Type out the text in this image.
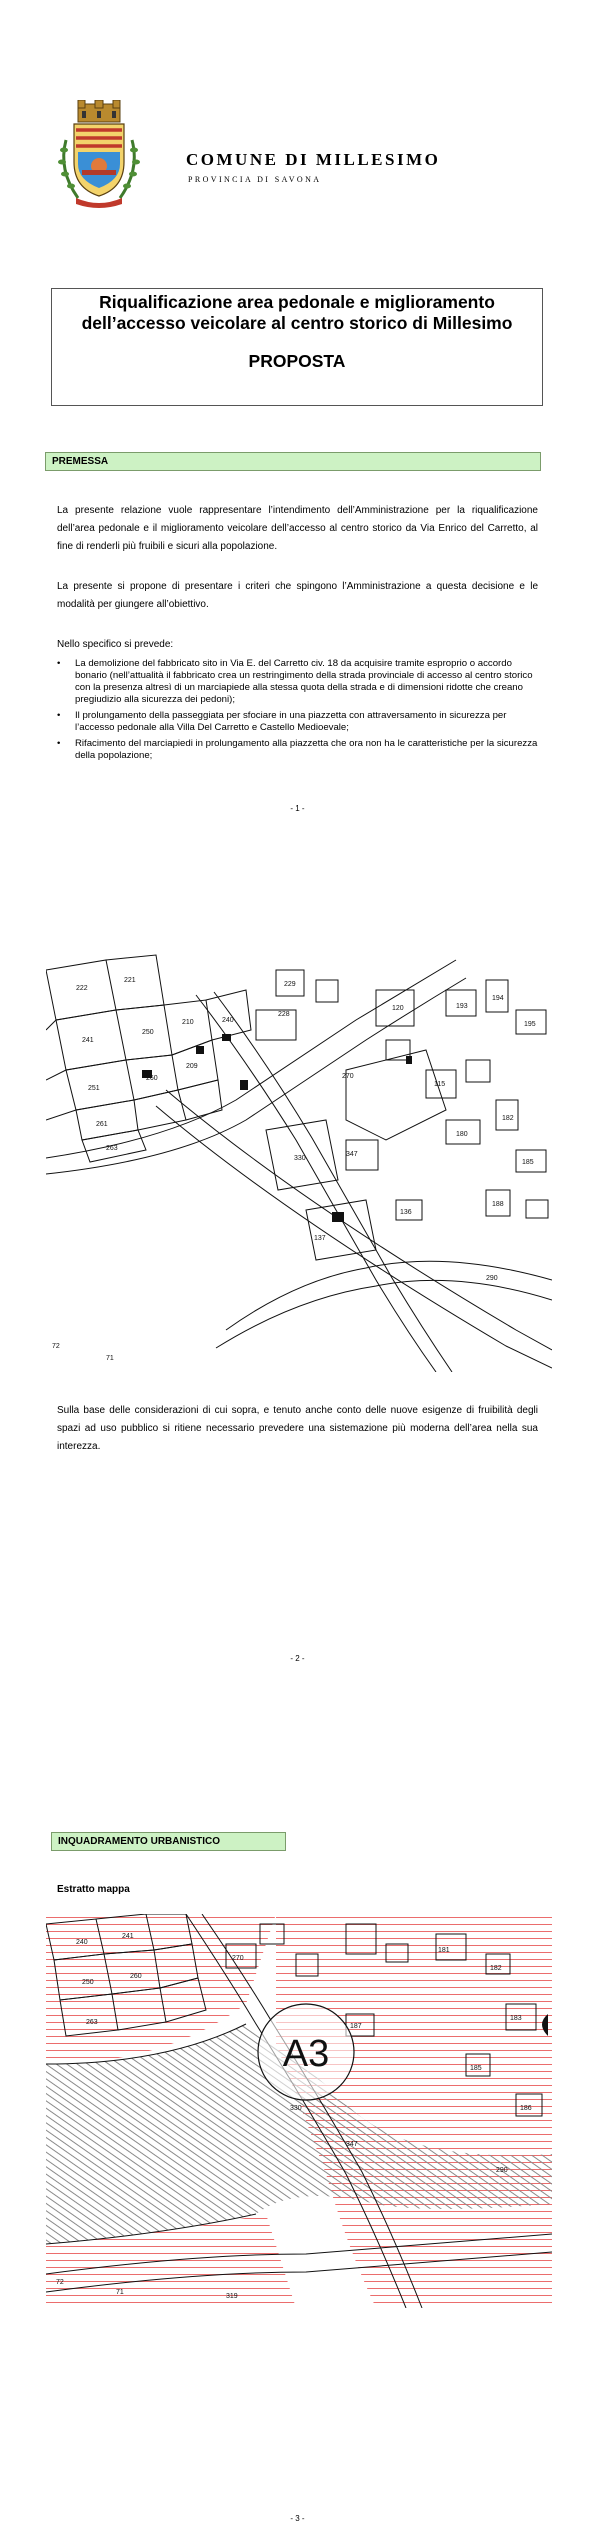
COMUNE DI MILLESIMO
PROVINCIA DI SAVONA
Riqualificazione area pedonale e miglioramento
dell’accesso veicolare al centro storico di Millesimo
PROPOSTA
PREMESSA
La presente relazione vuole rappresentare l’intendimento dell’Amministrazione per la riqualificazione dell’area pedonale e il miglioramento veicolare dell’accesso al centro storico da Via Enrico del Carretto, al fine di renderli più fruibili e sicuri alla popolazione.
La presente si propone di presentare i criteri che spingono l’Amministrazione a questa decisione e le modalità per giungere all’obiettivo.
Nello specifico si prevede:
• La demolizione del fabbricato sito in Via E. del Carretto civ. 18 da acquisire tramite esproprio o accordo bonario (nell’attualità il fabbricato crea un restringimento della strada provinciale di accesso al centro storico con la presenza altresì di un marciapiede alla stessa quota della strada e di dimensioni ridotte che creano pregiudizio alla sicurezza dei pedoni);
• Il prolungamento della passeggiata per sfociare in una piazzetta con attraversamento in sicurezza per l’accesso pedonale alla Villa Del Carretto e Castello Medioevale;
• Rifacimento del marciapiedi in prolungamento alla piazzetta che ora non ha le caratteristiche per la sicurezza della popolazione;
- 1 -
222
221
241
250
251
260
261
263
210
209
240
228
229
330
347
270
120	193
194
195
115
180
182
185
188
136
290
72
71
137
Sulla base delle considerazioni di cui sopra, e tenuto anche conto delle nuove esigenze di fruibilità degli spazi ad uso pubblico si ritiene necessario prevedere una sistemazione più moderna dell’area nella sua interezza.
- 2 -
INQUADRAMENTO URBANISTICO
Estratto mappa
A3
181
182
183
185
186
187
240
241
250
260
263
270
290
330
347
72
71
319
- 3 -
